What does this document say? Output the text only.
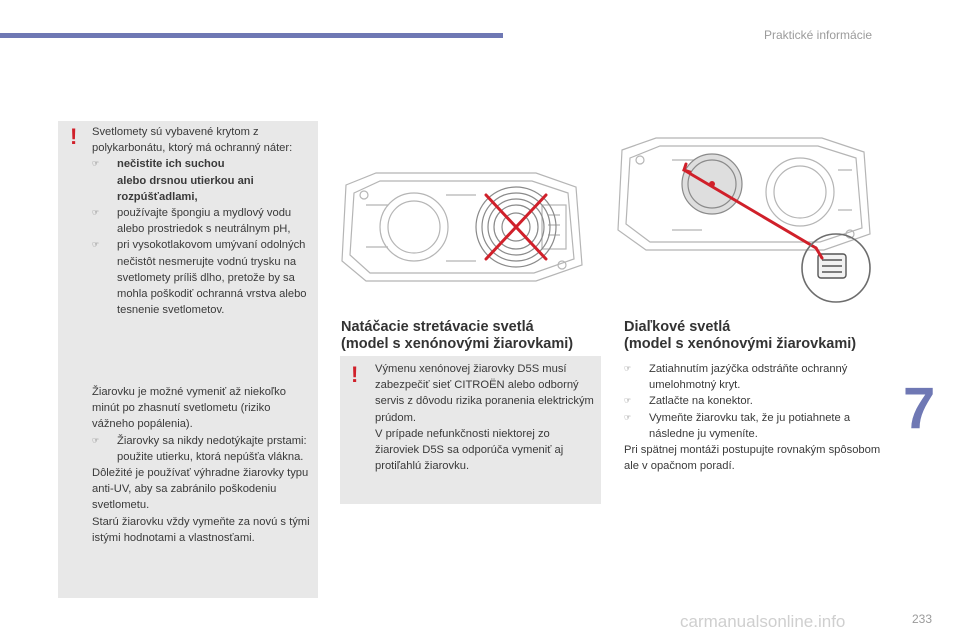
Praktické informácie
7
! Svetlomety sú vybavené krytom z polykarbonátu, ktorý má ochranný náter:

☞ nečistite ich suchou
alebo drsnou utierkou ani
rozpúšťadlami,

☞ používajte špongiu a mydlový vodu alebo prostriedok s neutrálnym pH,

☞ pri vysokotlakovom umývaní odolných nečistôt nesmerujte vodnú trysku na svetlomety príliš dlho, pretože by sa mohla poškodiť ochranná vrstva alebo tesnenie svetlometov.

Žiarovku je možné vymeniť až niekoľko minút po zhasnutí svetlometu (riziko vážneho popálenia).

☞ Žiarovky sa nikdy nedotýkajte prstami: použite utierku, ktorá nepúšťa vlákna.

Dôležité je používať výhradne žiarovky typu anti-UV, aby sa zabránilo poškodeniu svetlometu.

Starú žiarovku vždy vymeňte za novú s tými istými hodnotami a vlastnosťami.

Natáčacie stretávacie svetlá
(model s xenónovými žiarovkami)
! Výmenu xenónovej žiarovky D5S musí zabezpečiť sieť CITROËN alebo odborný servis z dôvodu rizika poranenia elektrickým prúdom.

V prípade nefunkčnosti niektorej zo žiaroviek D5S sa odporúča vymeniť aj protiľahlú žiarovku.

Diaľkové svetlá
(model s xenónovými žiarovkami)

☞ Zatiahnutím jazýčka odstráňte ochranný umelohmotný kryt.

☞ Zatlačte na konektor.

☞ Vymeňte žiarovku tak, že ju potiahnete a následne ju vymeníte.

Pri spätnej montáži postupujte rovnakým spôsobom ale v opačnom poradí.

carmanualsonline.info	233
